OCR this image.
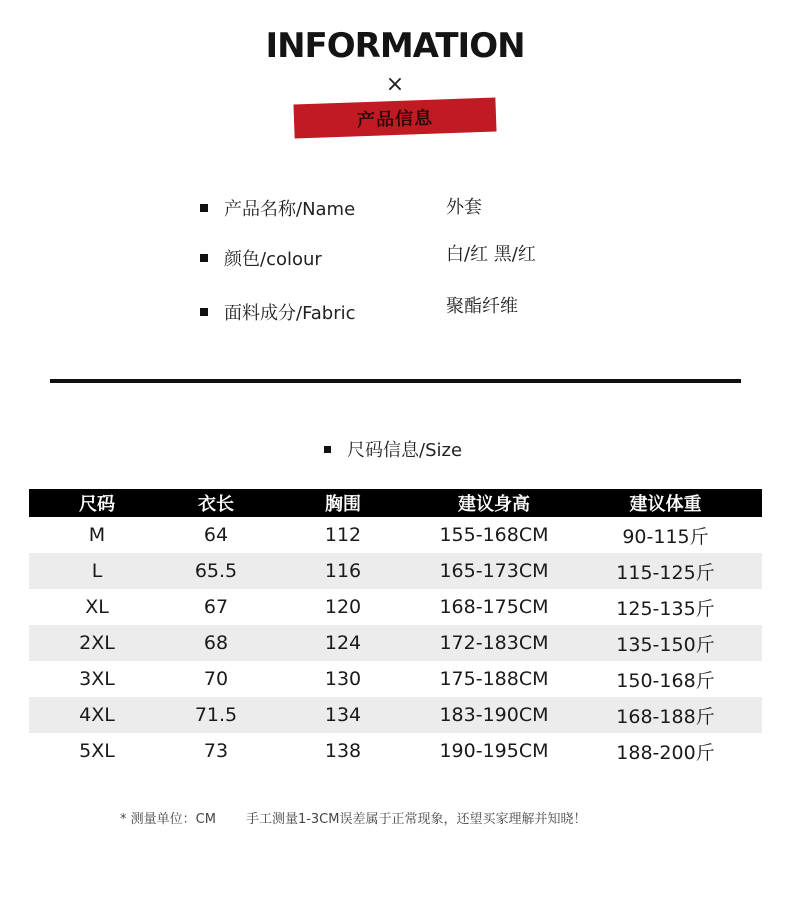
INFORMATION
×
产品信息
产品名称/Name	外套
颜色/colour	白/红 黑/红
面料成分/Fabric	聚酯纤维
尺码信息/Size
尺码	衣长	胸围	建议身高	建议体重
M	64	112	155-168CM	90-115斤
L	65.5	116	165-173CM	115-125斤
XL	67	120	168-175CM	125-135斤
2XL	68	124	172-183CM	135-150斤
3XL	70	130	175-188CM	150-168斤
4XL	71.5	134	183-190CM	168-188斤
5XL	73	138	190-195CM	188-200斤
* 测量单位：CM 手工测量1-3CM误差属于正常现象，还望买家理解并知晓！
